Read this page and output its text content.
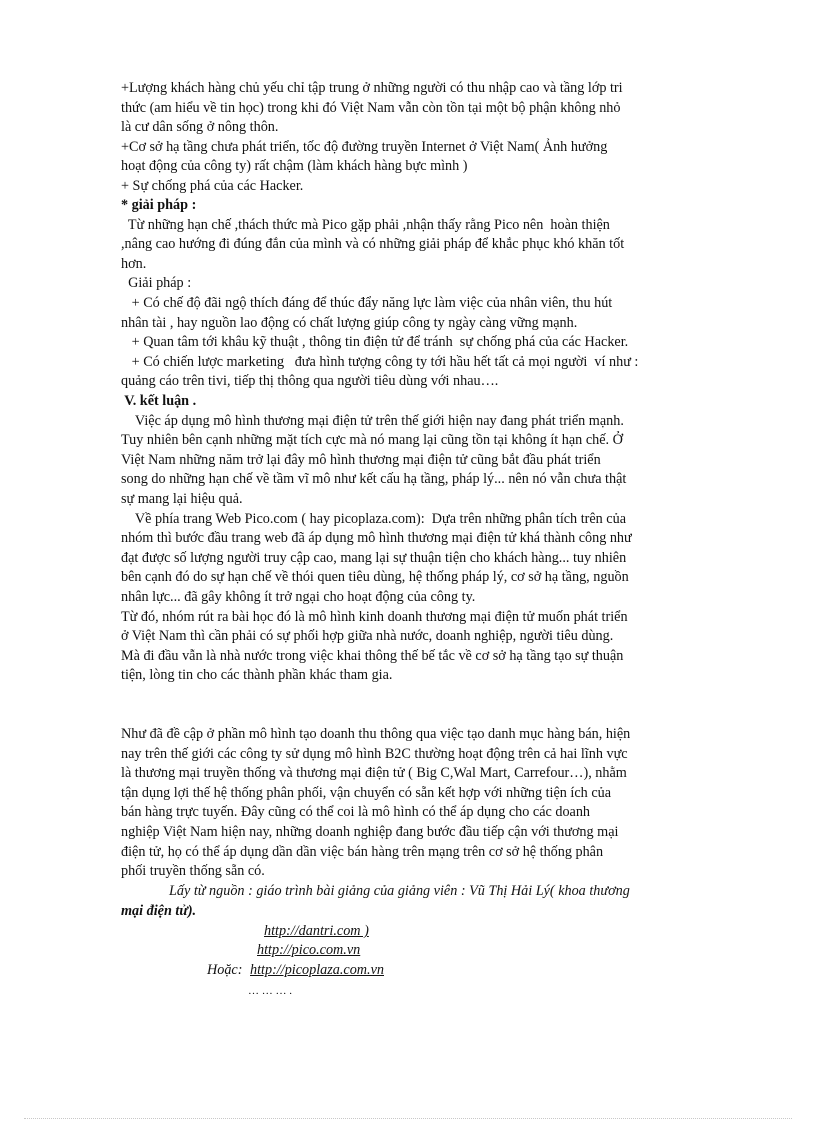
+Lượng khách hàng chủ yếu chỉ tập trung ở những người có thu nhập cao và tầng lớp tri
thức (am hiểu về tin học) trong khi đó Việt Nam vẫn còn tồn tại một bộ phận không nhỏ
là cư dân sống ở nông thôn.
+Cơ sở hạ tầng chưa phát triển, tốc độ đường truyền Internet ở Việt Nam( Ảnh hưởng
hoạt động của công ty) rất chậm (làm khách hàng bực mình )
+ Sự chống phá của các Hacker.
* giải pháp :
Từ những hạn chế ,thách thức mà Pico gặp phải ,nhận thấy rằng Pico nên  hoàn thiện
,nâng cao hướng đi đúng đắn của mình và có những giải pháp để khắc phục khó khăn tốt
hơn.
Giải pháp :
+ Có chế độ đãi ngộ thích đáng để thúc đẩy năng lực làm việc của nhân viên, thu hút
nhân tài , hay nguồn lao động có chất lượng giúp công ty ngày càng vững mạnh.
+ Quan tâm tới khâu kỹ thuật , thông tin điện tử để tránh  sự chống phá của các Hacker.
+ Có chiến lược marketing   đưa hình tượng công ty tới hầu hết tất cả mọi người  ví như :
quảng cáo trên tivi, tiếp thị thông qua người tiêu dùng với nhau….
V. kết luận .
Việc áp dụng mô hình thương mại điện tử trên thế giới hiện nay đang phát triển mạnh.
Tuy nhiên bên cạnh những mặt tích cực mà nó mang lại cũng tồn tại không ít hạn chế. Ở
Việt Nam những năm trở lại đây mô hình thương mại điện tử cũng bắt đầu phát triển
song do những hạn chế về tầm vĩ mô như kết cấu hạ tầng, pháp lý... nên nó vẫn chưa thật
sự mang lại hiệu quả.
Về phía trang Web Pico.com ( hay picoplaza.com):  Dựa trên những phân tích trên của
nhóm thì bước đầu trang web đã áp dụng mô hình thương mại điện tử khá thành công như
đạt được số lượng người truy cập cao, mang lại sự thuận tiện cho khách hàng... tuy nhiên
bên cạnh đó do sự hạn chế về thói quen tiêu dùng, hệ thống pháp lý, cơ sở hạ tầng, nguồn
nhân lực... đã gây không ít trở ngại cho hoạt động của công ty.
Từ đó, nhóm rút ra bài học đó là mô hình kinh doanh thương mại điện tử muốn phát triển
ở Việt Nam thì cần phải có sự phối hợp giữa nhà nước, doanh nghiệp, người tiêu dùng.
Mà đi đầu vẫn là nhà nước trong việc khai thông thế bế tắc về cơ sở hạ tầng tạo sự thuận
tiện, lòng tin cho các thành phần khác tham gia.
Như đã đề cập ở phần mô hình tạo doanh thu thông qua việc tạo danh mục hàng bán, hiện
nay trên thế giới các công ty sử dụng mô hình B2C thường hoạt động trên cả hai lĩnh vực
là thương mại truyền thống và thương mại điện tử ( Big C,Wal Mart, Carrefour…), nhằm
tận dụng lợi thế hệ thống phân phối, vận chuyển có sẵn kết hợp với những tiện ích của
bán hàng trực tuyến. Đây cũng có thể coi là mô hình có thể áp dụng cho các doanh
nghiệp Việt Nam hiện nay, những doanh nghiệp đang bước đầu tiếp cận với thương mại
điện tử, họ có thể áp dụng dần dần việc bán hàng trên mạng trên cơ sở hệ thống phân
phối truyền thống sẵn có.
Lấy từ nguồn : giáo trình bài giảng của giảng viên : Vũ Thị Hải Lý( khoa thương
mại điện tử).
http://dantri.com )
http://pico.com.vn
Hoặc: http://picoplaza.com.vn
… … … .
